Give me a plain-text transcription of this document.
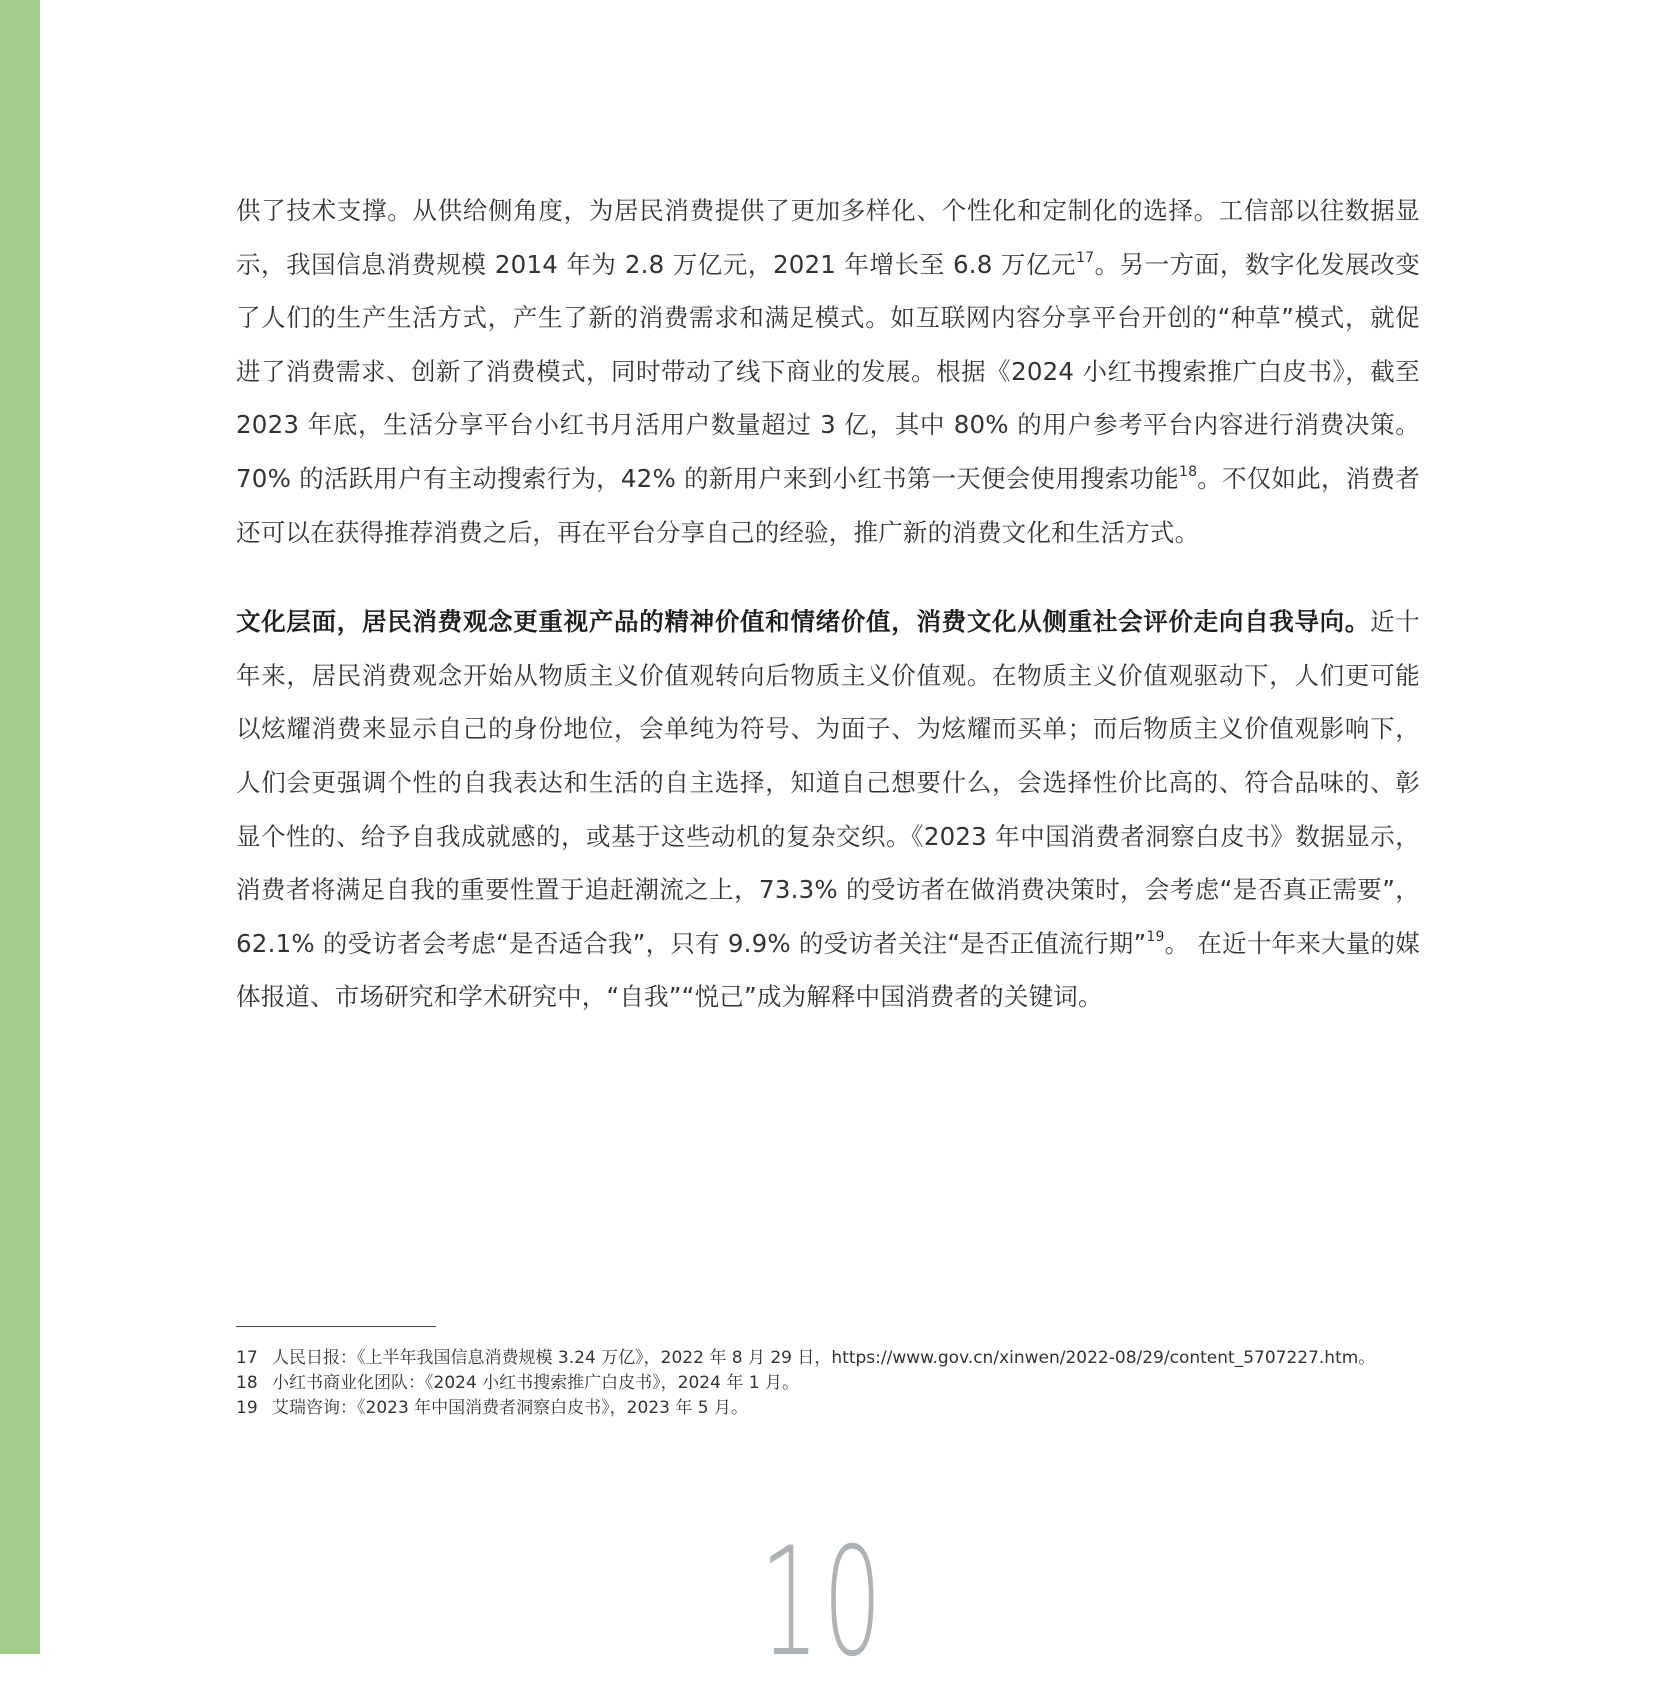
供了技术支撑。从供给侧角度，为居民消费提供了更加多样化、个性化和定制化的选择。工信部以往数据显示，我国信息消费规模 2014 年为 2.8 万亿元，2021 年增长至 6.8 万亿元$^{17}$。另一方面，数字化发展改变了人们的生产生活方式，产生了新的消费需求和满足模式。如互联网内容分享平台开创的“种草”模式，就促进了消费需求、创新了消费模式，同时带动了线下商业的发展。根据《2024 小红书搜索推广白皮书》，截至 2023 年底，生活分享平台小红书月活用户数量超过 3 亿，其中 80% 的用户参考平台内容进行消费决策。70% 的活跃用户有主动搜索行为，42% 的新用户来到小红书第一天便会使用搜索功能$^{18}$。不仅如此，消费者还可以在获得推荐消费之后，再在平台分享自己的经验，推广新的消费文化和生活方式。

文化层面，居民消费观念更重视产品的精神价值和情绪价值，消费文化从侧重社会评价走向自我导向。近十年来，居民消费观念开始从物质主义价值观转向后物质主义价值观。在物质主义价值观驱动下，人们更可能以炫耀消费来显示自己的身份地位，会单纯为符号、为面子、为炫耀而买单；而后物质主义价值观影响下，人们会更强调个性的自我表达和生活的自主选择，知道自己想要什么，会选择性价比高的、符合品味的、彰显个性的、给予自我成就感的，或基于这些动机的复杂交织。《2023 年中国消费者洞察白皮书》数据显示，消费者将满足自我的重要性置于追赶潮流之上，73.3% 的受访者在做消费决策时，会考虑“是否真正需要”，62.1% 的受访者会考虑“是否适合我”，只有 9.9% 的受访者关注“是否正值流行期”$^{19}$。 在近十年来大量的媒体报道、市场研究和学术研究中，“自我”“悦己”成为解释中国消费者的关键词。

17 人民日报：《上半年我国信息消费规模 3.24 万亿》，2022 年 8 月 29 日，https://www.gov.cn/xinwen/2022-08/29/content_5707227.htm。
18 小红书商业化团队：《2024 小红书搜索推广白皮书》，2024 年 1 月。
19 艾瑞咨询：《2023 年中国消费者洞察白皮书》，2023 年 5 月。
10
